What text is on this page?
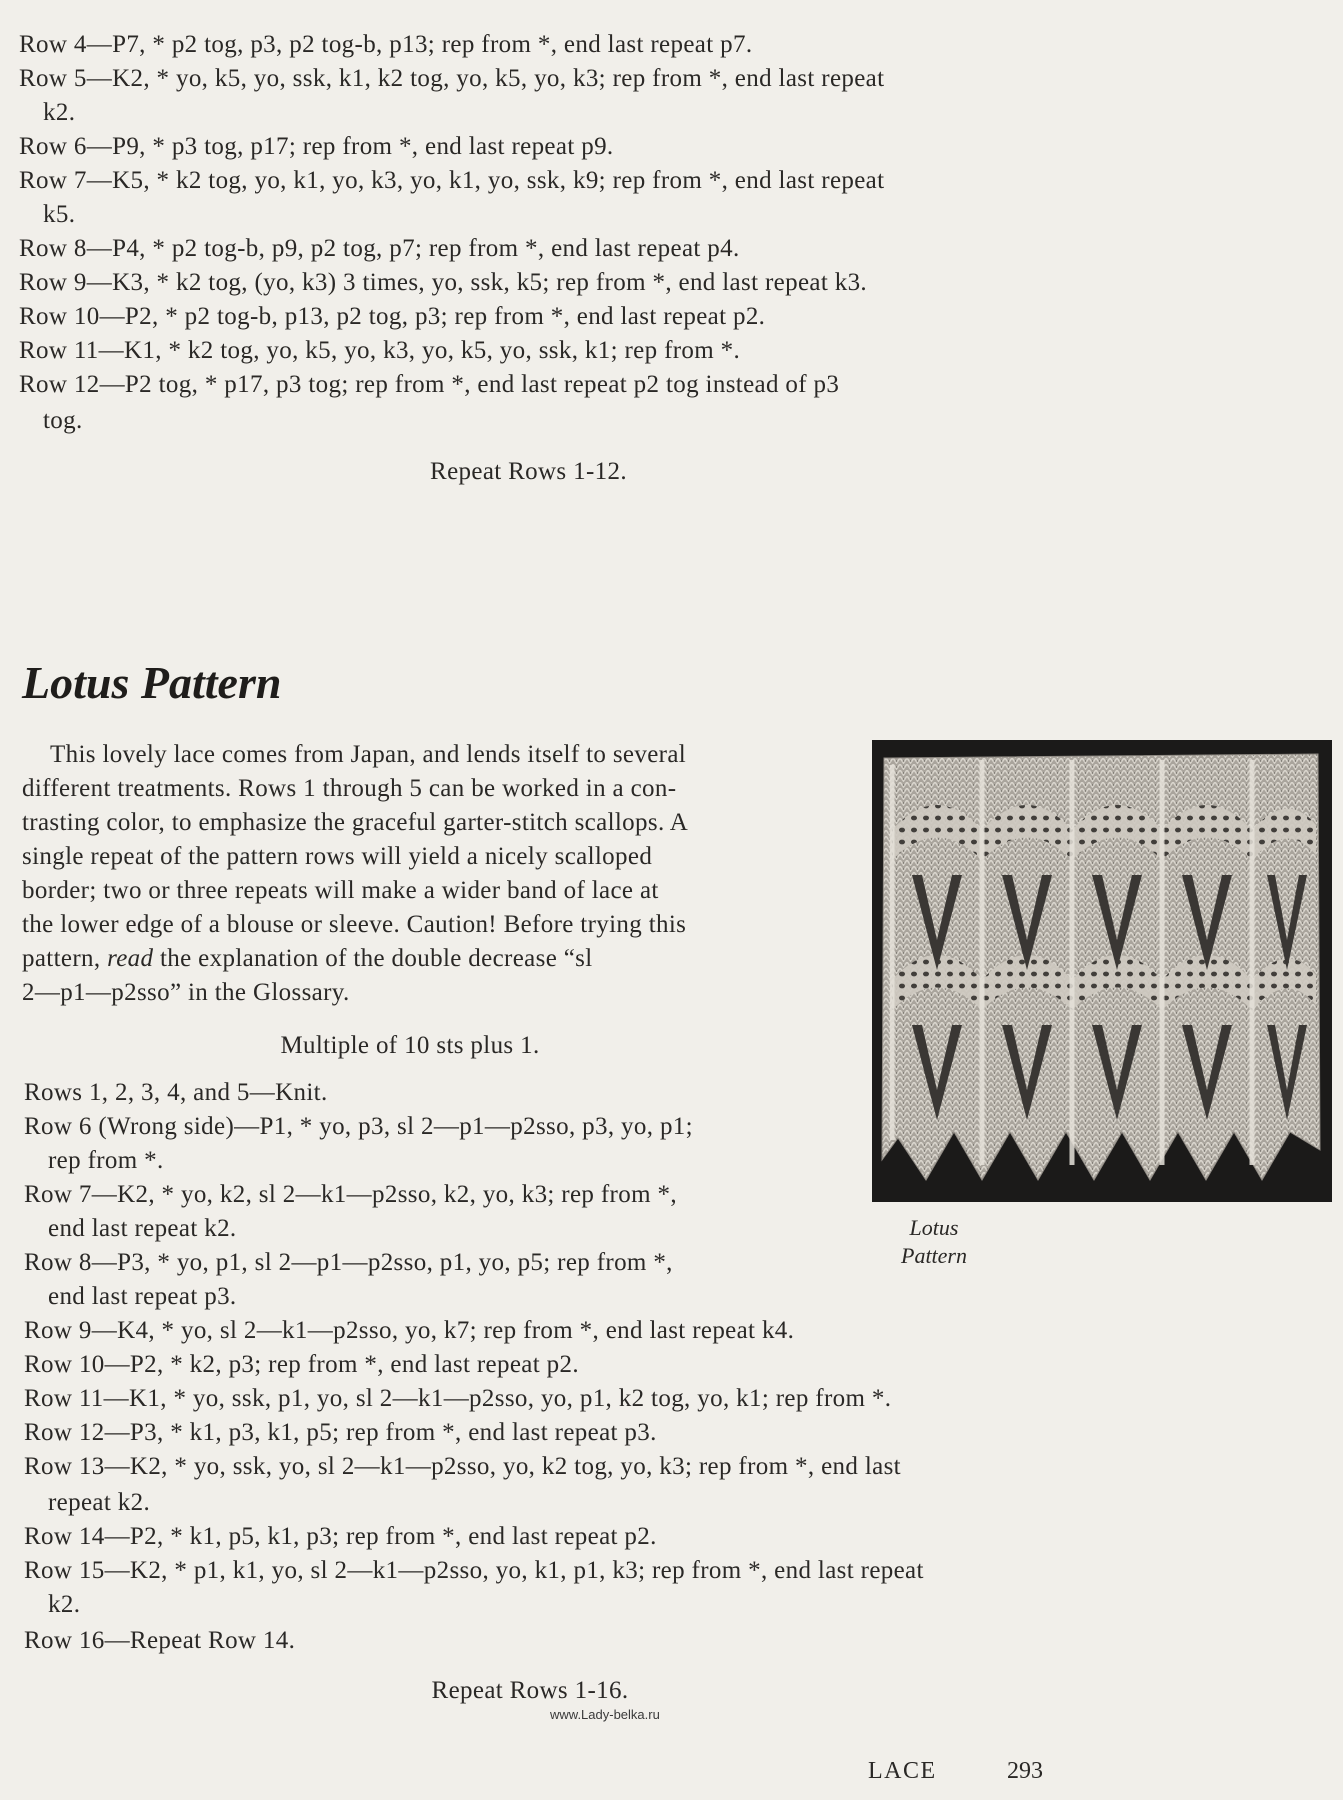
Row 4—P7, * p2 tog, p3, p2 tog-b, p13; rep from *, end last repeat p7.
Row 5—K2, * yo, k5, yo, ssk, k1, k2 tog, yo, k5, yo, k3; rep from *, end last repeat
k2.
Row 6—P9, * p3 tog, p17; rep from *, end last repeat p9.
Row 7—K5, * k2 tog, yo, k1, yo, k3, yo, k1, yo, ssk, k9; rep from *, end last repeat
k5.
Row 8—P4, * p2 tog-b, p9, p2 tog, p7; rep from *, end last repeat p4.
Row 9—K3, * k2 tog, (yo, k3) 3 times, yo, ssk, k5; rep from *, end last repeat k3.
Row 10—P2, * p2 tog-b, p13, p2 tog, p3; rep from *, end last repeat p2.
Row 11—K1, * k2 tog, yo, k5, yo, k3, yo, k5, yo, ssk, k1; rep from *.
Row 12—P2 tog, * p17, p3 tog; rep from *, end last repeat p2 tog instead of p3
tog.
Repeat Rows 1-12.
Lotus Pattern
This lovely lace comes from Japan, and lends itself to several
different treatments. Rows 1 through 5 can be worked in a con-
trasting color, to emphasize the graceful garter-stitch scallops. A
single repeat of the pattern rows will yield a nicely scalloped
border; two or three repeats will make a wider band of lace at
the lower edge of a blouse or sleeve. Caution! Before trying this
pattern, read the explanation of the double decrease “sl
2—p1—p2sso” in the Glossary.
Multiple of 10 sts plus 1.
Rows 1, 2, 3, 4, and 5—Knit.
Row 6 (Wrong side)—P1, * yo, p3, sl 2—p1—p2sso, p3, yo, p1;
rep from *.
Row 7—K2, * yo, k2, sl 2—k1—p2sso, k2, yo, k3; rep from *,
end last repeat k2.
Row 8—P3, * yo, p1, sl 2—p1—p2sso, p1, yo, p5; rep from *,
end last repeat p3.
Row 9—K4, * yo, sl 2—k1—p2sso, yo, k7; rep from *, end last repeat k4.
Row 10—P2, * k2, p3; rep from *, end last repeat p2.
Row 11—K1, * yo, ssk, p1, yo, sl 2—k1—p2sso, yo, p1, k2 tog, yo, k1; rep from *.
Row 12—P3, * k1, p3, k1, p5; rep from *, end last repeat p3.
Row 13—K2, * yo, ssk, yo, sl 2—k1—p2sso, yo, k2 tog, yo, k3; rep from *, end last
repeat k2.
Row 14—P2, * k1, p5, k1, p3; rep from *, end last repeat p2.
Row 15—K2, * p1, k1, yo, sl 2—k1—p2sso, yo, k1, p1, k3; rep from *, end last repeat
k2.
Row 16—Repeat Row 14.
Repeat Rows 1-16.
Lotus Pattern
www.Lady-belka.ru
LACE	293
